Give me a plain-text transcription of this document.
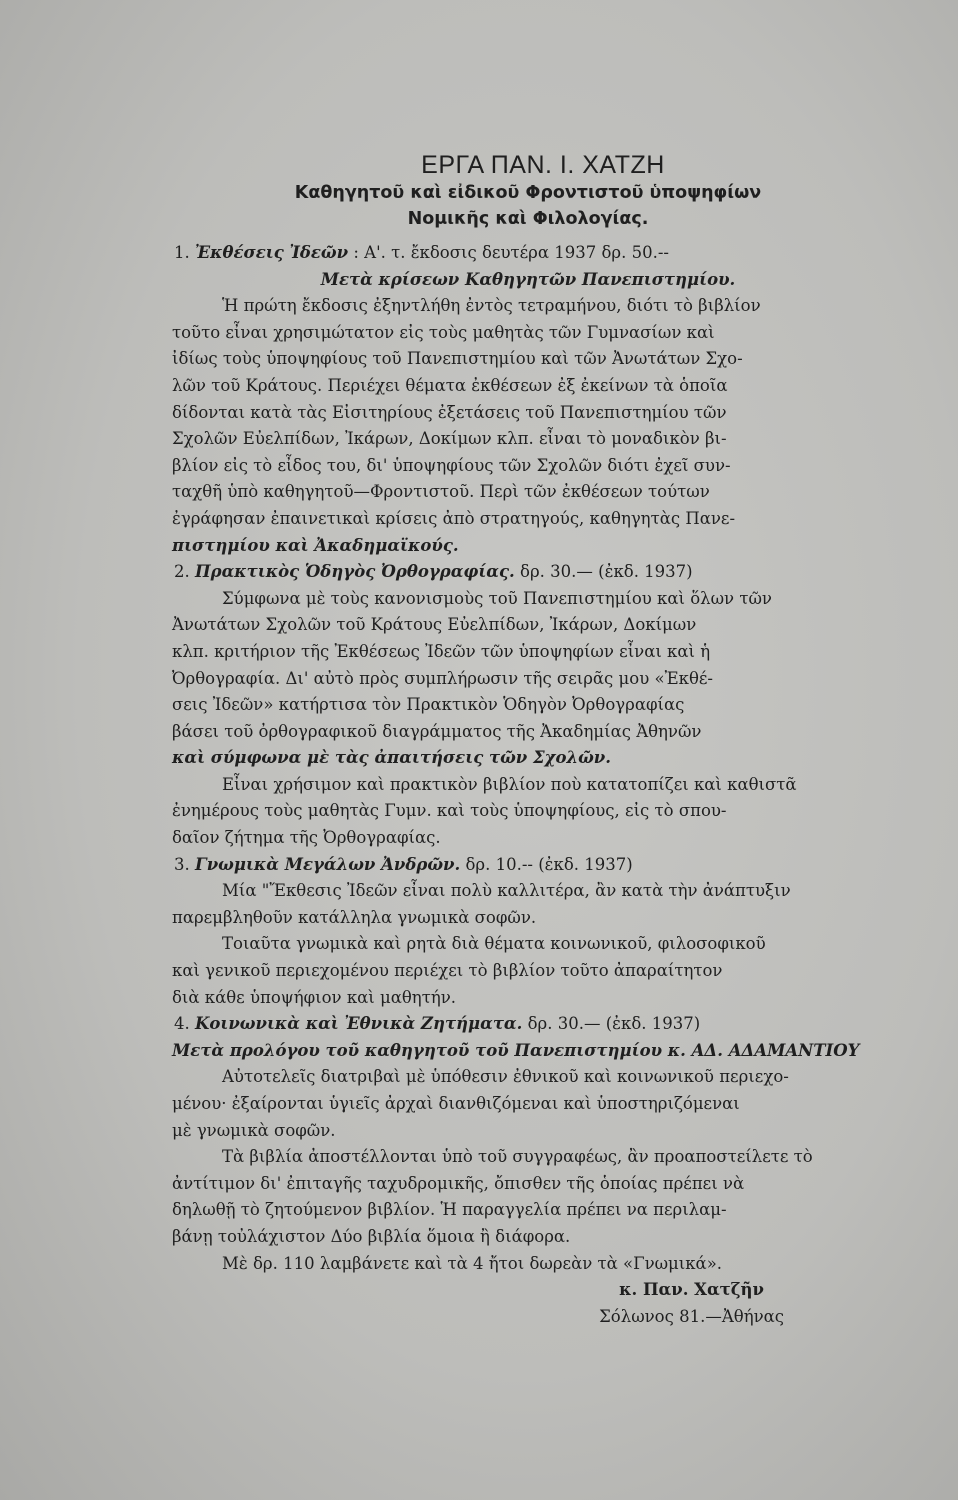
ΕΡΓΑ ΠΑΝ. Ι. ΧΑΤΖΗ
Καθηγητοῦ καὶ εἰδικοῦ Φροντιστοῦ ὑποψηφίων
Νομικῆς καὶ Φιλολογίας.

1. Ἐκθέσεις Ἰδεῶν : Α'. τ. ἔκδοσις δευτέρα 1937 δρ. 50.--

Μετὰ κρίσεων Καθηγητῶν Πανεπιστημίου.

Ἡ πρώτη ἔκδοσις ἐξηντλήθη ἐντὸς τετραμήνου, διότι τὸ βιβλίον
τοῦτο εἶναι χρησιμώτατον εἰς τοὺς μαθητὰς τῶν Γυμνασίων καὶ
ἰδίως τοὺς ὑποψηφίους τοῦ Πανεπιστημίου καὶ τῶν Ἀνωτάτων Σχο-
λῶν τοῦ Κράτους. Περιέχει θέματα ἐκθέσεων ἐξ ἐκείνων τὰ ὁποῖα
δίδονται κατὰ τὰς Εἰσιτηρίους ἐξετάσεις τοῦ Πανεπιστημίου τῶν
Σχολῶν Εὐελπίδων, Ἰκάρων, Δοκίμων κλπ. εἶναι τὸ μοναδικὸν βι-
βλίον εἰς τὸ εἶδος του, δι' ὑποψηφίους τῶν Σχολῶν διότι ἐχεῖ συν-
ταχθῆ ὑπὸ καθηγητοῦ—Φροντιστοῦ. Περὶ τῶν ἐκθέσεων τούτων
ἐγράφησαν ἐπαινετικαὶ κρίσεις ἀπὸ στρατηγούς, καθηγητὰς Πανε-
πιστημίου καὶ Ἀκαδημαϊκούς.

2. Πρακτικὸς Ὁδηγὸς Ὀρθογραφίας. δρ. 30.— (ἐκδ. 1937)

Σύμφωνα μὲ τοὺς κανονισμοὺς τοῦ Πανεπιστημίου καὶ ὅλων τῶν
Ἀνωτάτων Σχολῶν τοῦ Κράτους Εὐελπίδων, Ἰκάρων, Δοκίμων
κλπ. κριτήριον τῆς Ἐκθέσεως Ἰδεῶν τῶν ὑποψηφίων εἶναι καὶ ἡ
Ὀρθογραφία. Δι' αὐτὸ πρὸς συμπλήρωσιν τῆς σειρᾶς μου «Ἐκθέ-
σεις Ἰδεῶν» κατήρτισα τὸν Πρακτικὸν Ὁδηγὸν Ὀρθογραφίας
βάσει τοῦ ὀρθογραφικοῦ διαγράμματος τῆς Ἀκαδημίας Ἀθηνῶν
καὶ σύμφωνα μὲ τὰς ἀπαιτήσεις τῶν Σχολῶν.
Εἶναι χρήσιμον καὶ πρακτικὸν βιβλίον ποὺ κατατοπίζει καὶ καθιστᾶ
ἐνημέρους τοὺς μαθητὰς Γυμν. καὶ τοὺς ὑποψηφίους, εἰς τὸ σπου-
δαῖον ζήτημα τῆς Ὀρθογραφίας.

3. Γνωμικὰ Μεγάλων Ἀνδρῶν. δρ. 10.-- (ἐκδ. 1937)

Μία "Ἔκθεσις Ἰδεῶν εἶναι πολὺ καλλιτέρα, ἂν κατὰ τὴν ἀνάπτυξιν
παρεμβληθοῦν κατάλληλα γνωμικὰ σοφῶν.
Τοιαῦτα γνωμικὰ καὶ ρητὰ διὰ θέματα κοινωνικοῦ, φιλοσοφικοῦ
καὶ γενικοῦ περιεχομένου περιέχει τὸ βιβλίον τοῦτο ἀπαραίτητον
διὰ κάθε ὑποψήφιον καὶ μαθητήν.

4. Κοινωνικὰ καὶ Ἐθνικὰ Ζητήματα. δρ. 30.— (ἐκδ. 1937)

Μετὰ προλόγου τοῦ καθηγητοῦ τοῦ Πανεπιστημίου κ. ΑΔ. ΑΔΑΜΑΝΤΙΟΥ

Αὐτοτελεῖς διατριβαὶ μὲ ὑπόθεσιν ἐθνικοῦ καὶ κοινωνικοῦ περιεχο-
μένου· ἐξαίρονται ὑγιεῖς ἀρχαὶ διανθιζόμεναι καὶ ὑποστηριζόμεναι
μὲ γνωμικὰ σοφῶν.
Τὰ βιβλία ἀποστέλλονται ὑπὸ τοῦ συγγραφέως, ἂν προαποστείλετε τὸ
ἀντίτιμον δι' ἐπιταγῆς ταχυδρομικῆς, ὄπισθεν τῆς ὁποίας πρέπει νὰ
δηλωθῇ τὸ ζητούμενον βιβλίον. Ἡ παραγγελία πρέπει να περιλαμ-
βάνῃ τοὐλάχιστον Δύο βιβλία ὅμοια ἢ διάφορα.
Μὲ δρ. 110 λαμβάνετε καὶ τὰ 4 ἤτοι δωρεὰν τὰ «Γνωμικά».

κ. Παν. Χατζῆν

Σόλωνος 81.—Ἀθήνας
